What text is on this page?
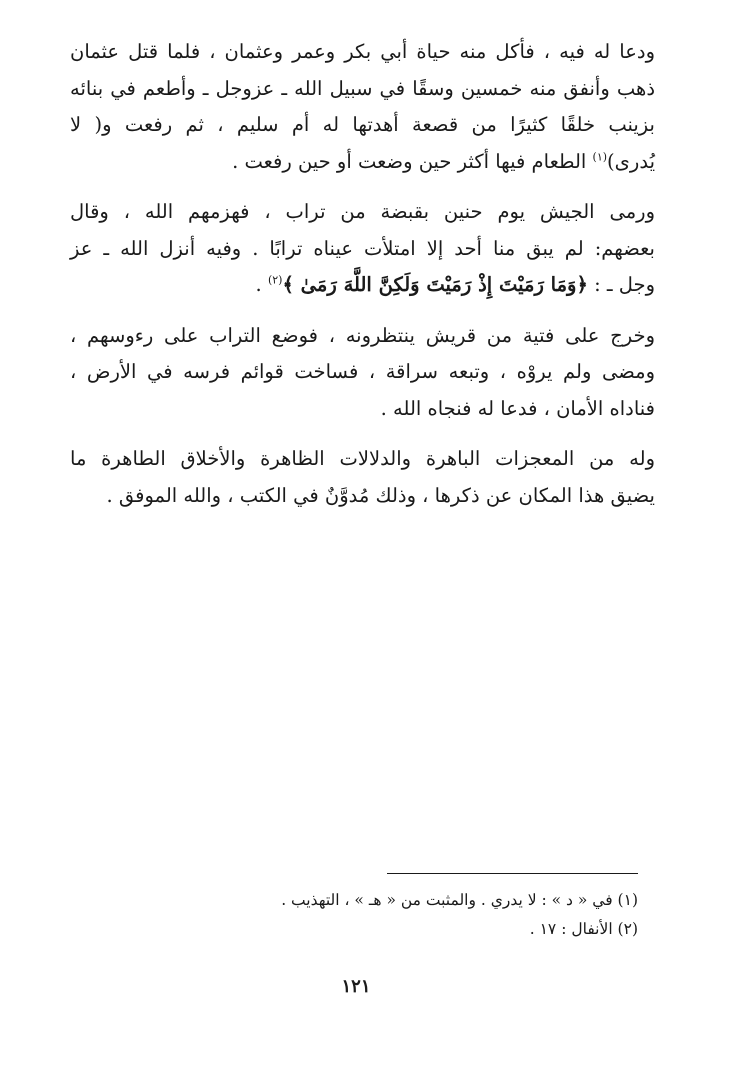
ودعا له فيه ، فأكل منه حياة أبي بكر وعمر وعثمان ، فلما قتل عثمان
ذهب وأنفق منه خمسين وسقًا في سبيل الله ـ عزوجل ـ وأطعم في بنائه
بزينب خلقًا كثيرًا من قصعة أهدتها له أم سليم ، ثم رفعت و( لا
يُدرى)$^{(١)}$ الطعام فيها أكثر حين وضعت أو حين رفعت .

ورمى الجيش يوم حنين بقبضة من تراب ، فهزمهم الله ، وقال
بعضهم: لم يبق منا أحد إلا امتلأت عيناه ترابًا . وفيه أنزل الله ـ عز
وجل ـ : ﴿وَمَا رَمَيْتَ إِذْ رَمَيْتَ وَلَكِنَّ اللَّهَ رَمَىٰ ﴾$^{(٢)}$ .

وخرج على فتية من قريش ينتظرونه ، فوضع التراب على رءوسهم ،
ومضى ولم يروْه ، وتبعه سراقة ، فساخت قوائم فرسه في الأرض ،
فناداه الأمان ، فدعا له فنجاه الله .

وله من المعجزات الباهرة والدلالات الظاهرة والأخلاق الطاهرة ما
يضيق هذا المكان عن ذكرها ، وذلك مُدوَّنٌ في الكتب ، والله الموفق .

(١) في « د » : لا يدري . والمثبت من « هـ » ، التهذيب .
(٢) الأنفال : ١٧ .
١٢١
